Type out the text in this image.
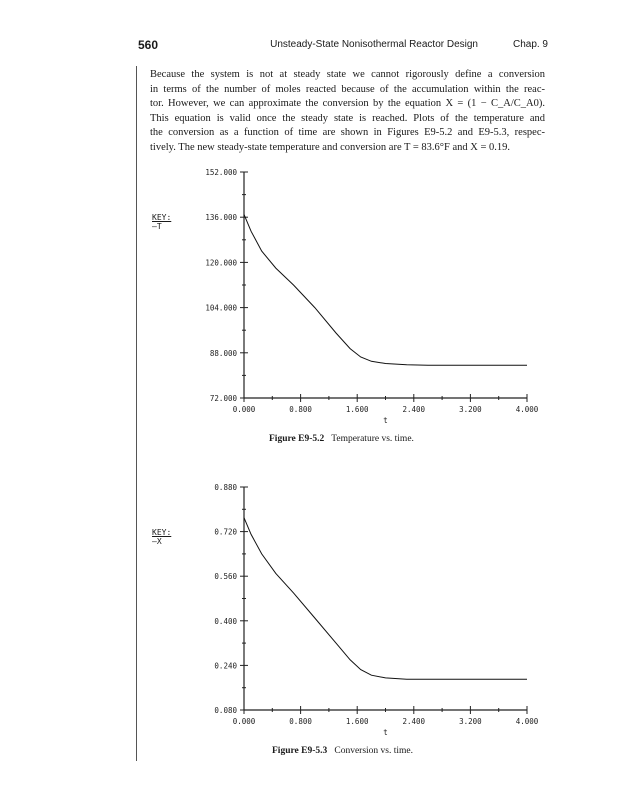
560	Unsteady-State Nonisothermal Reactor Design	Chap. 9
Because the system is not at steady state we cannot rigorously define a conversion
in terms of the number of moles reacted because of the accumulation within the reac-
tor. However, we can approximate the conversion by the equation X = (1 − C_A/C_A0).
This equation is valid once the steady state is reached. Plots of the temperature and
the conversion as a function of time are shown in Figures E9-5.2 and E9-5.3, respec-
tively. The new steady-state temperature and conversion are T = 83.6°F and X = 0.19.
KEY:
—T
152.000
136.000
120.000
104.000
88.000
72.000
0.000	0.800	1.600	2.400	3.200	4.000
t
Figure E9-5.2 Temperature vs. time.
KEY:
—X
0.880
0.720
0.560
0.400
0.240
0.080
0.000	0.800	1.600	2.400	3.200	4.000
t
Figure E9-5.3 Conversion vs. time.
